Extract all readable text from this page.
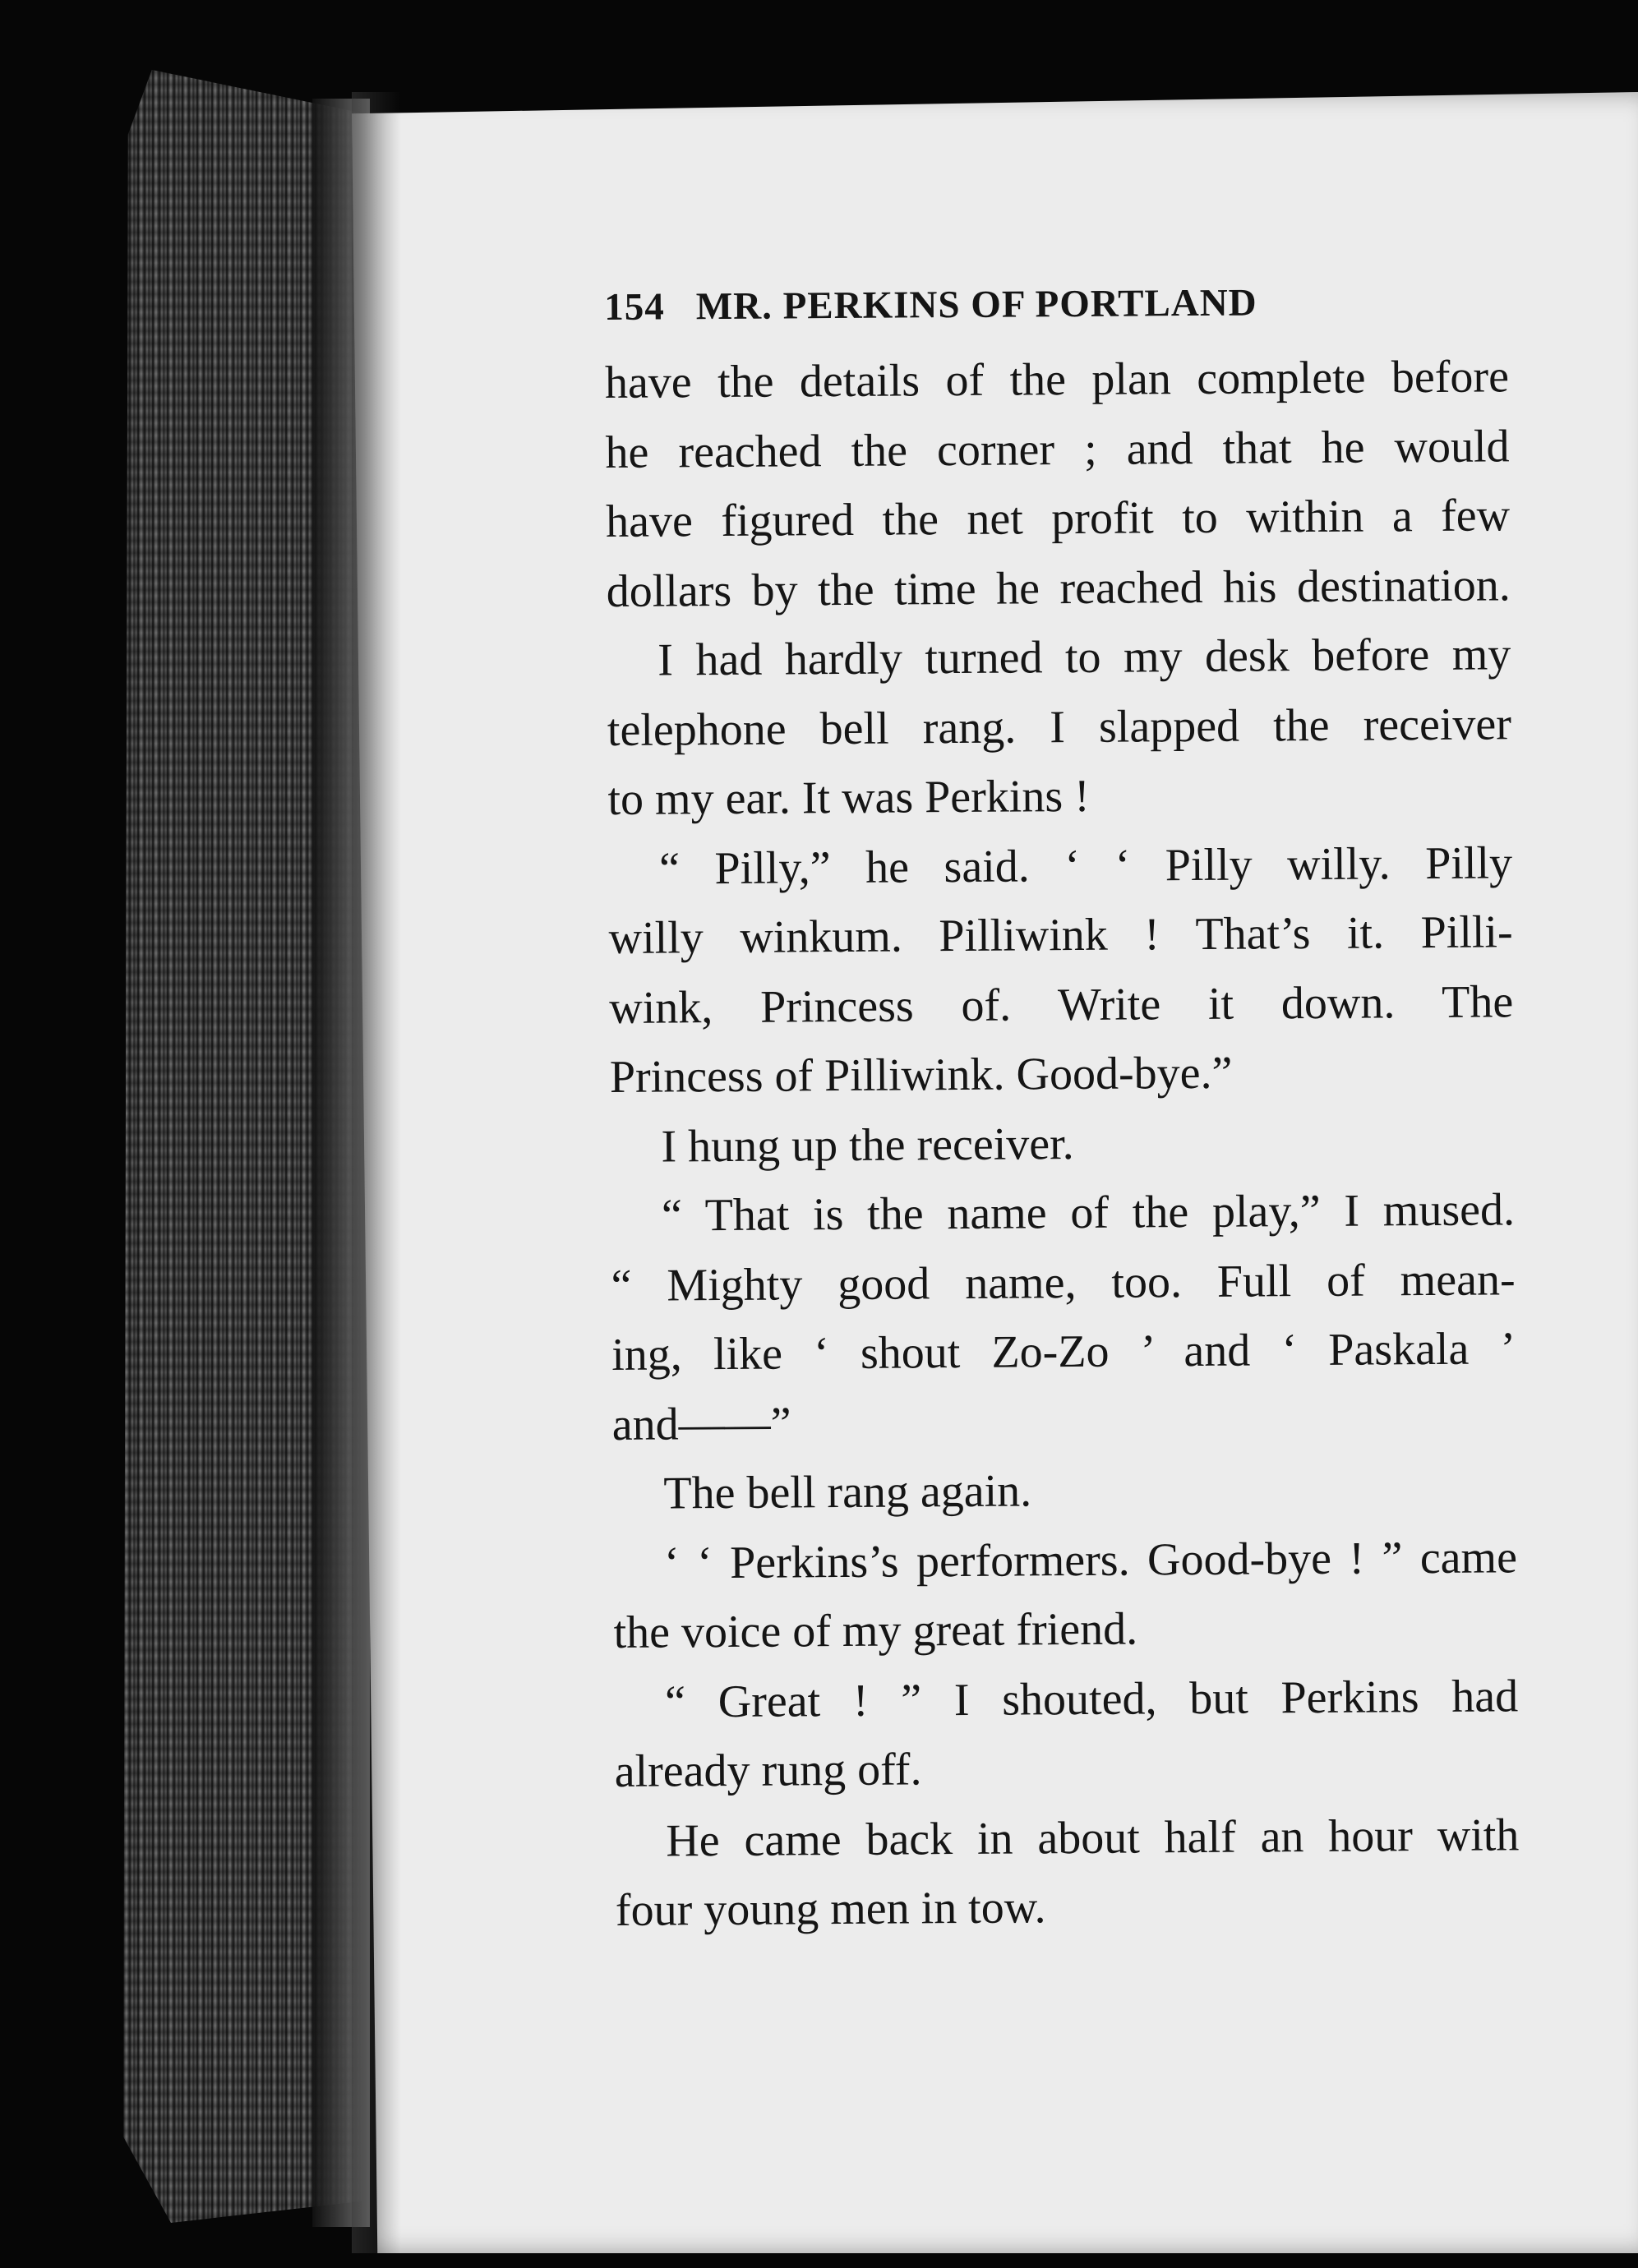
154 MR. PERKINS OF PORTLAND
have the details of the plan complete before
he reached the corner ; and that he would
have figured the net profit to within a few
dollars by the time he reached his destination.
I had hardly turned to my desk before my
telephone bell rang. I slapped the receiver
to my ear. It was Perkins !
“ Pilly,” he said. ‘ ‘ Pilly willy. Pilly
willy winkum. Pilliwink ! That’s it. Pilli-
wink, Princess of. Write it down. The
Princess of Pilliwink. Good-bye.”
I hung up the receiver.
“ That is the name of the play,” I mused.
“ Mighty good name, too. Full of mean-
ing, like ‘ shout Zo-Zo ’ and ‘ Paskala ’
and——”
The bell rang again.
‘ ‘ Perkins’s performers. Good-bye ! ” came
the voice of my great friend.
“ Great ! ” I shouted, but Perkins had
already rung off.
He came back in about half an hour with
four young men in tow.
